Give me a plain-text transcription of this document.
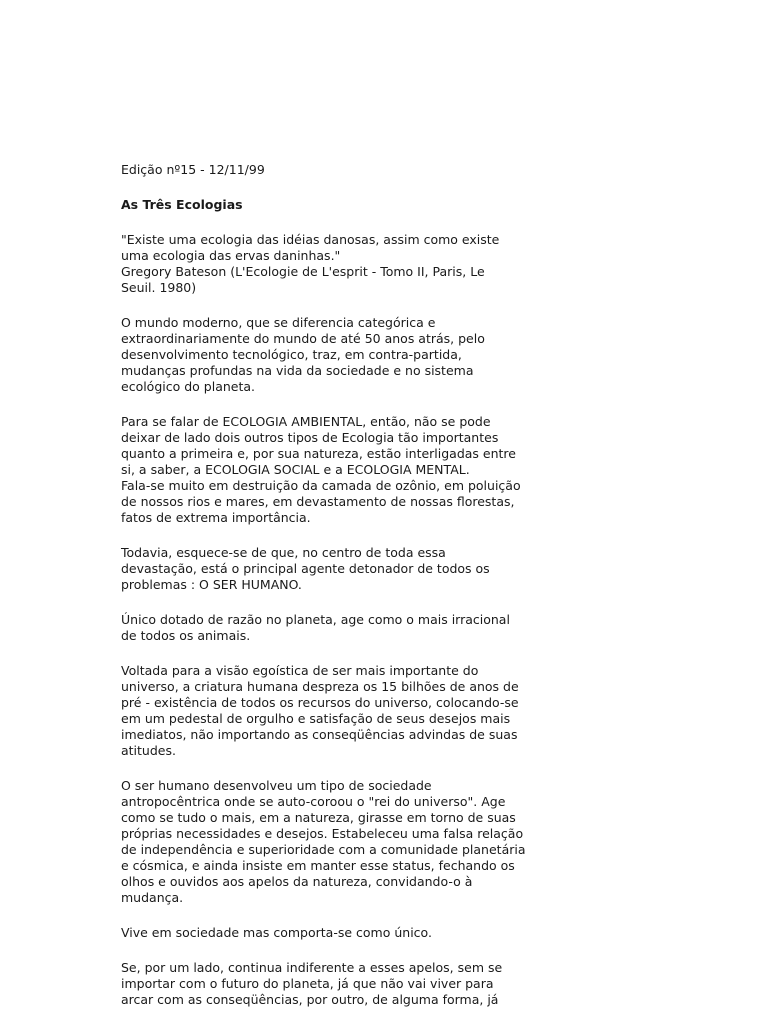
Edição nº15 - 12/11/99

As Três Ecologias

"Existe uma ecologia das idéias danosas, assim como existe

uma ecologia das ervas daninhas."

Gregory Bateson (L'Ecologie de L'esprit - Tomo II, Paris, Le

Seuil. 1980)

O mundo moderno, que se diferencia categórica e

extraordinariamente do mundo de até 50 anos atrás, pelo

desenvolvimento tecnológico, traz, em contra-partida,

mudanças profundas na vida da sociedade e no sistema

ecológico do planeta.

Para se falar de ECOLOGIA AMBIENTAL, então, não se pode

deixar de lado dois outros tipos de Ecologia tão importantes

quanto a primeira e, por sua natureza, estão interligadas entre

si, a saber, a ECOLOGIA SOCIAL e a ECOLOGIA MENTAL.

Fala-se muito em destruição da camada de ozônio, em poluição

de nossos rios e mares, em devastamento de nossas florestas,

fatos de extrema importância.

Todavia, esquece-se de que, no centro de toda essa

devastação, está o principal agente detonador de todos os

problemas : O SER HUMANO.

Único dotado de razão no planeta, age como o mais irracional

de todos os animais.

Voltada para a visão egoística de ser mais importante do

universo, a criatura humana despreza os 15 bilhões de anos de

pré - existência de todos os recursos do universo, colocando-se

em um pedestal de orgulho e satisfação de seus desejos mais

imediatos, não importando as conseqüências advindas de suas

atitudes.

O ser humano desenvolveu um tipo de sociedade

antropocêntrica onde se auto-coroou o "rei do universo". Age

como se tudo o mais, em a natureza, girasse em torno de suas

próprias necessidades e desejos. Estabeleceu uma falsa relação

de independência e superioridade com a comunidade planetária

e cósmica, e ainda insiste em manter esse status, fechando os

olhos e ouvidos aos apelos da natureza, convidando-o à

mudança.

Vive em sociedade mas comporta-se como único.

Se, por um lado, continua indiferente a esses apelos, sem se

importar com o futuro do planeta, já que não vai viver para

arcar com as conseqüências, por outro, de alguma forma, já
